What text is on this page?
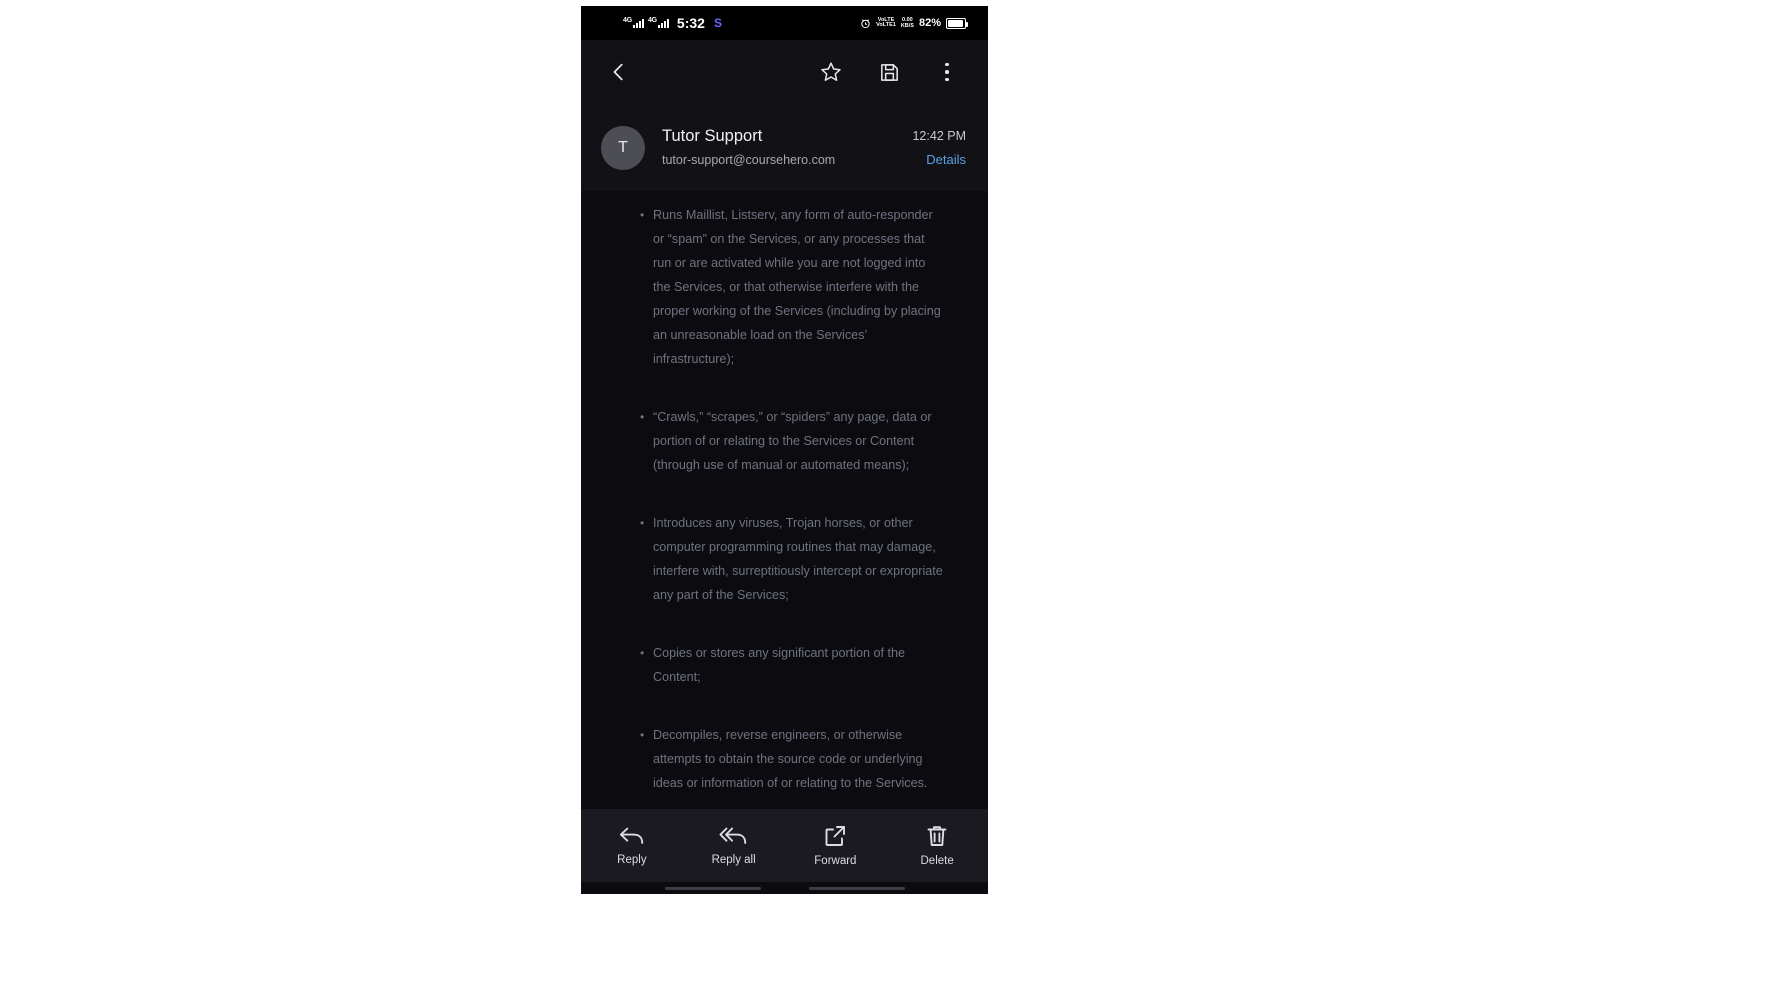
4G 4G 5:32 S	VoLTE
VoLTE1
0.00
KB/S 82%
T
Tutor Support
tutor-support@coursehero.com
12:42 PM
Details
• Runs Maillist, Listserv, any form of auto-responder or “spam” on the Services, or any processes that run or are activated while you are not logged into the Services, or that otherwise interfere with the proper working of the Services (including by placing an unreasonable load on the Services’ infrastructure);
• “Crawls,” “scrapes,” or “spiders” any page, data or portion of or relating to the Services or Content (through use of manual or automated means);
• Introduces any viruses, Trojan horses, or other computer programming routines that may damage, interfere with, surreptitiously intercept or expropriate any part of the Services;
• Copies or stores any significant portion of the Content;
• Decompiles, reverse engineers, or otherwise attempts to obtain the source code or underlying ideas or information of or relating to the Services.
•
Reply	Reply all	Forward	Delete
